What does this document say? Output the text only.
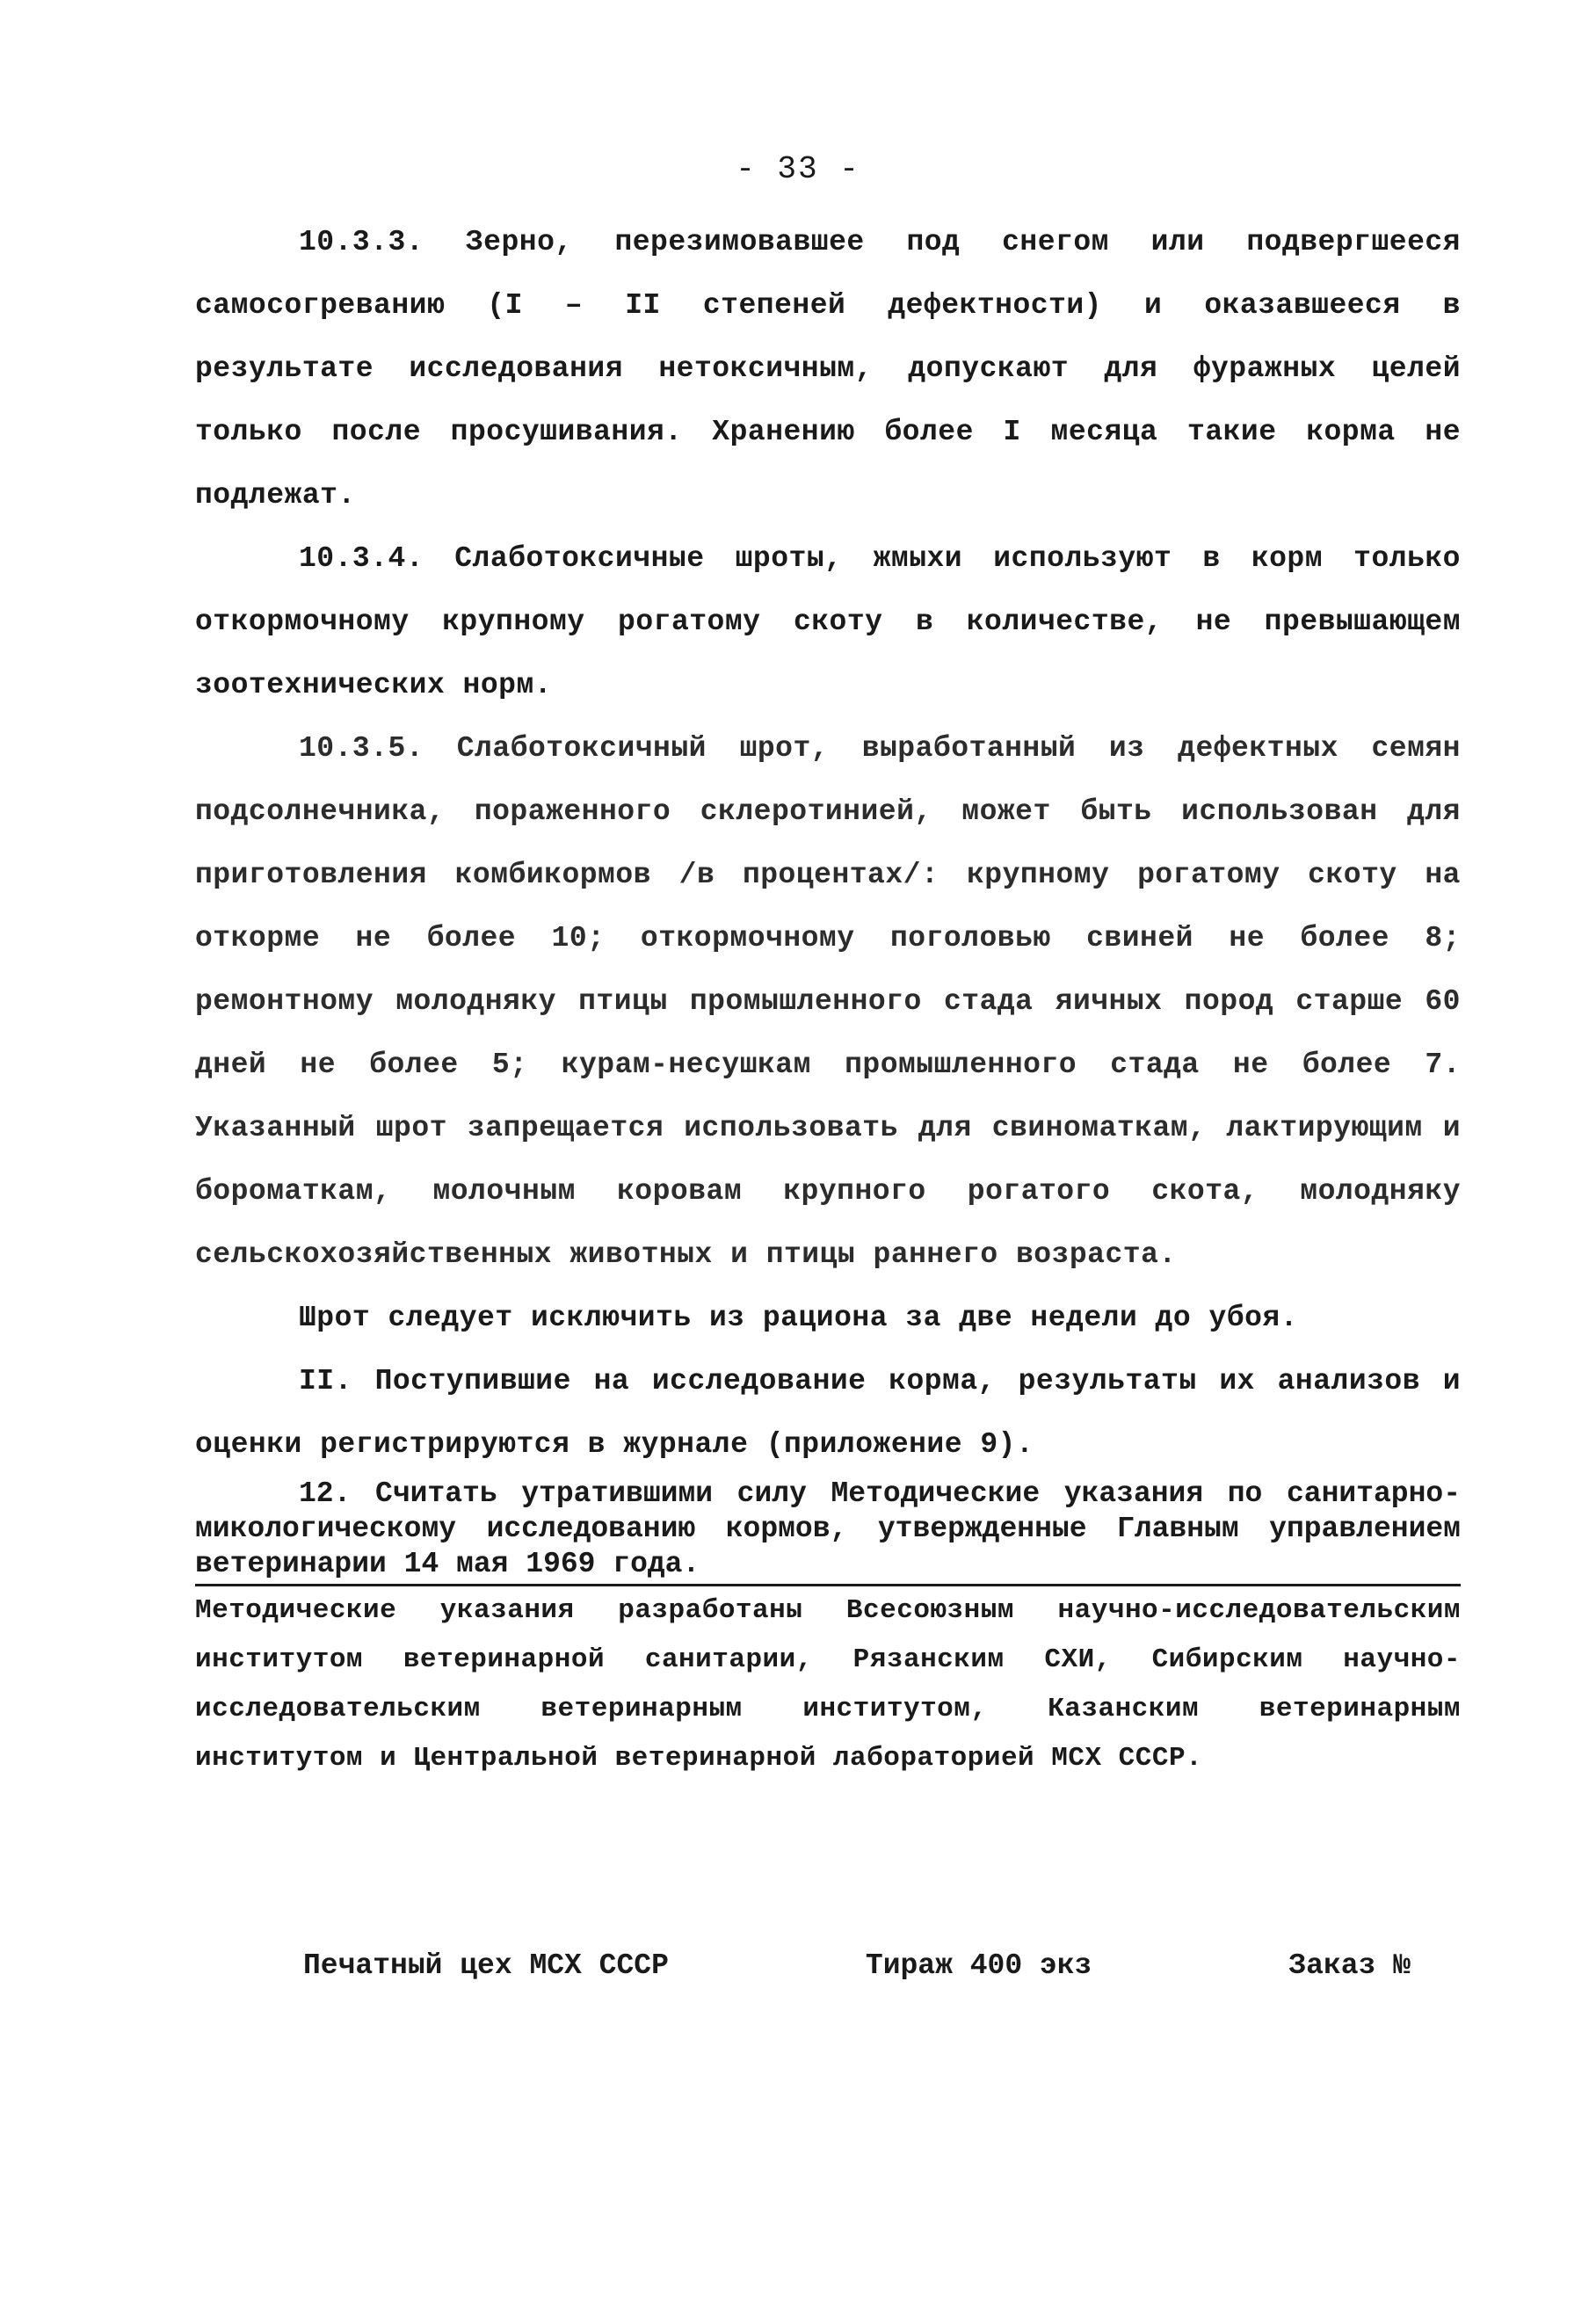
- 33 -

10.3.3. Зерно, перезимовавшее под снегом или подвергшееся самосогреванию (I – II степеней дефектности) и оказавшееся в результате исследования нетоксичным, допускают для фуражных целей только после просушивания. Хранению более I месяца такие корма не подлежат.

10.3.4. Слаботоксичные шроты, жмыхи используют в корм только откормочному крупному рогатому скоту в количестве, не превышающем зоотехнических норм.

10.3.5. Слаботоксичный шрот, выработанный из дефектных семян подсолнечника, пораженного склеротинией, может быть использован для приготовления комбикормов /в процентах/: крупному рогатому скоту на откорме не более 10; откормочному поголовью свиней не более 8; ремонтному молодняку птицы промышленного стада яичных пород старше 60 дней не более 5; курам-несушкам промышленного стада не более 7. Указанный шрот запрещается использовать для свиноматкам, лактирующим и бороматкам, молочным коровам крупного рогатого скота, молодняку сельскохозяйственных животных и птицы раннего возраста.

Шрот следует исключить из рациона за две недели до убоя.

II. Поступившие на исследование корма, результаты их анализов и оценки регистрируются в журнале (приложение 9).

12. Считать утратившими силу Методические указания по санитарно-микологическому исследованию кормов, утвержденные Главным управлением ветеринарии 14 мая 1969 года.

Методические указания разработаны Всесоюзным научно-исследовательским институтом ветеринарной санитарии, Рязанским СХИ, Сибирским научно-исследовательским ветеринарным институтом, Казанским ветеринарным институтом и Центральной ветеринарной лабораторией МСХ СССР.

Печатный цех МСХ СССР	Тираж 400 экз	Заказ №
